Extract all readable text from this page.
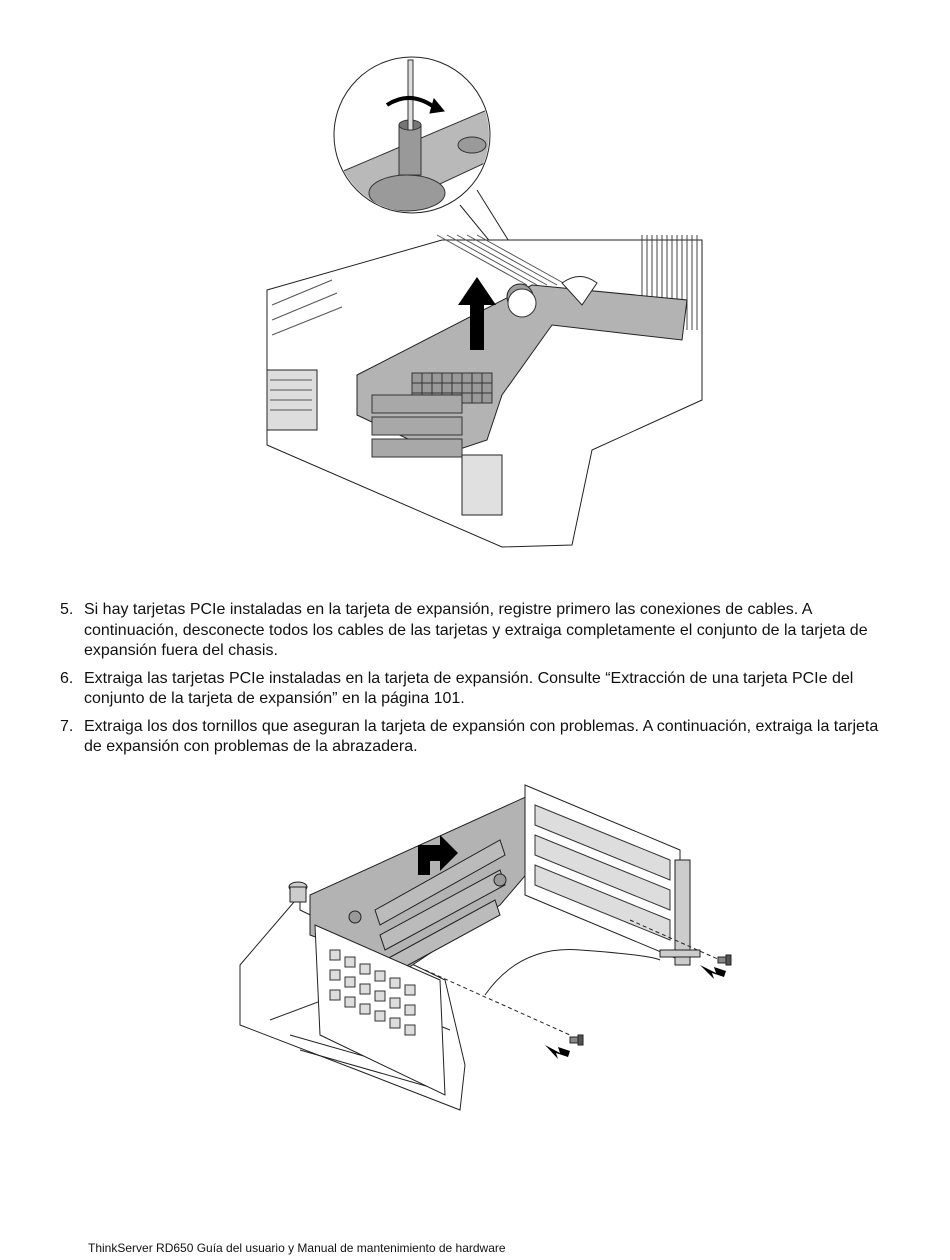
5. Si hay tarjetas PCIe instaladas en la tarjeta de expansión, registre primero las conexiones de cables. A continuación, desconecte todos los cables de las tarjetas y extraiga completamente el conjunto de la tarjeta de expansión fuera del chasis.
6. Extraiga las tarjetas PCIe instaladas en la tarjeta de expansión. Consulte “Extracción de una tarjeta PCIe del conjunto de la tarjeta de expansión” en la página 101.
7. Extraiga los dos tornillos que aseguran la tarjeta de expansión con problemas. A continuación, extraiga la tarjeta de expansión con problemas de la abrazadera.
ThinkServer RD650 Guía del usuario y Manual de mantenimiento de hardware
